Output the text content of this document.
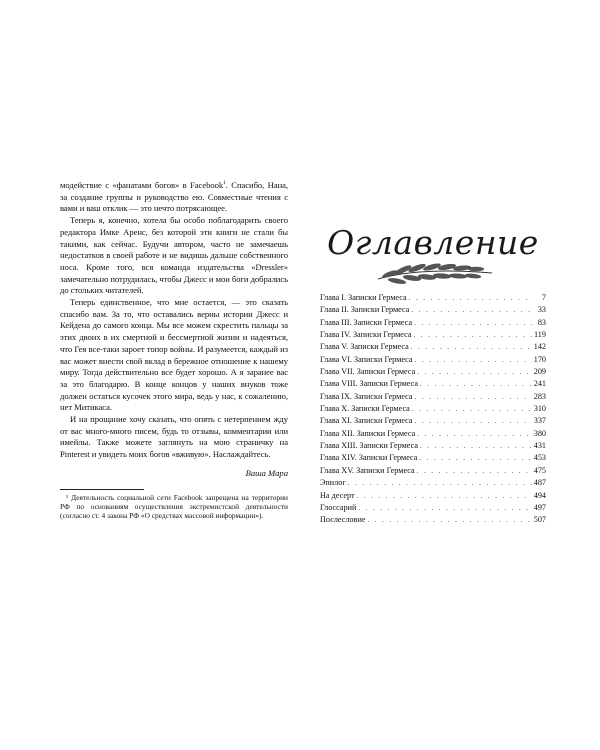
модействие с «фанатами богов» в Facebook$^1$. Спасибо, Нана, за создание группы и руководство ею. Совместные чтения с вами и ваш отклик — это нечто потрясающее.

Теперь я, конечно, хотела бы особо поблагодарить своего редактора Имке Аренс, без которой эти книги не стали бы такими, как сейчас. Будучи автором, часто не замечаешь недостатков в своей работе и не видишь дальше собственного носа. Кроме того, вся команда издательства «Dressler» замечательно потрудилась, чтобы Джесс и мои боги добрались до стольких читателей.

Теперь единственное, что мне остается, — это сказать спасибо вам. За то, что оставались верны истории Джесс и Кейдена до самого конца. Мы все можем скрестить пальцы за этих двоих в их смертной и бессмертной жизни и надеяться, что Гея все-таки зароет топор войны. И разумеется, каждый из вас может внести свой вклад в бережное отношение к нашему миру. Тогда действительно все будет хорошо. А я заранее вас за это благодарю. В конце концов у наших внуков тоже должен остаться кусочек этого мира, ведь у нас, к сожалению, нет Митикаса.

И на прощание хочу сказать, что опять с нетерпением жду от вас много-много писем, будь то отзывы, комментарии или имейлы. Также можете заглянуть на мою страничку на Pinterest и увидеть моих богов «вживую». Наслаждайтесь.

Ваша Мара
¹ Деятельность социальной сети Facebook запрещена на территории РФ по основаниям осуществления экстремистской деятельности (согласно ст. 4 закона РФ «О средствах массовой информации»).
Оглавление
Глава I. Записки Гермеса . . .	7
Глава II. Записки Гермеса . . .	33
Глава III. Записки Гермеса . . .	83
Глава IV. Записки Гермеса . . .	119
Глава V. Записки Гермеса . . .	142
Глава VI. Записки Гермеса . . .	170
Глава VII. Записки Гермеса . . .	209
Глава VIII. Записки Гермеса . . .	241
Глава IX. Записки Гермеса . . .	283
Глава X. Записки Гермеса . . .	310
Глава XI. Записки Гермеса . . .	337
Глава XII. Записки Гермеса . . .	380
Глава XIII. Записки Гермеса . . .	431
Глава XIV. Записки Гермеса . . .	453
Глава XV. Записки Гермеса . . .	475
Эпилог . . .	487
На десерт . . .	494
Глоссарий . . .	497
Послесловие . . .	507
